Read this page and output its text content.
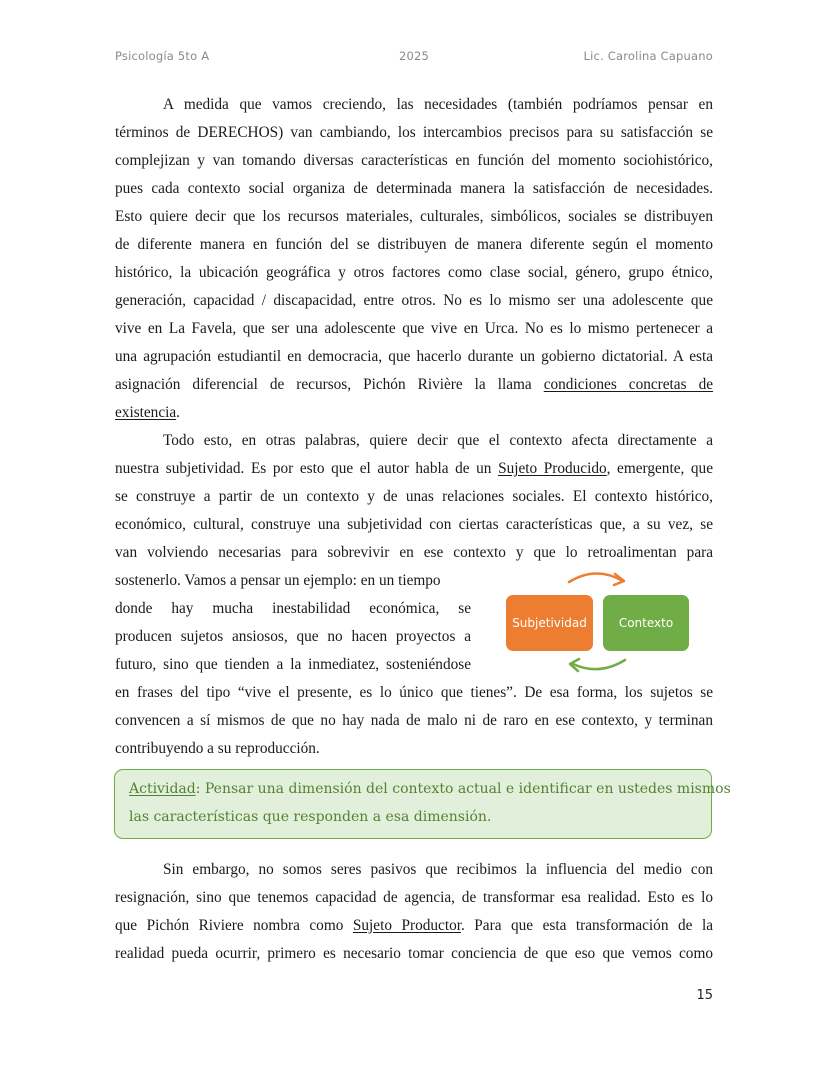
Psicología 5to A	2025	Lic. Carolina Capuano
A medida que vamos creciendo, las necesidades (también podríamos pensar en
términos de DERECHOS) van cambiando, los intercambios precisos para su satisfacción se
complejizan y van tomando diversas características en función del momento sociohistórico,
pues cada contexto social organiza de determinada manera la satisfacción de necesidades.
Esto quiere decir que los recursos materiales, culturales, simbólicos, sociales se distribuyen
de diferente manera en función del se distribuyen de manera diferente según el momento
histórico, la ubicación geográfica y otros factores como clase social, género, grupo étnico,
generación, capacidad / discapacidad, entre otros. No es lo mismo ser una adolescente que
vive en La Favela, que ser una adolescente que vive en Urca. No es lo mismo pertenecer a
una agrupación estudiantil en democracia, que hacerlo durante un gobierno dictatorial. A esta
asignación diferencial de recursos, Pichón Rivière la llama condiciones concretas de
existencia.
Todo esto, en otras palabras, quiere decir que el contexto afecta directamente a
nuestra subjetividad. Es por esto que el autor habla de un Sujeto Producido, emergente, que
se construye a partir de un contexto y de unas relaciones sociales. El contexto histórico,
económico, cultural, construye una subjetividad con ciertas características que, a su vez, se
van volviendo necesarias para sobrevivir en ese contexto y que lo retroalimentan para
sostenerlo. Vamos a pensar un ejemplo: en un tiempo
donde hay mucha inestabilidad económica, se
producen sujetos ansiosos, que no hacen proyectos a
futuro, sino que tienden a la inmediatez, sosteniéndose
en frases del tipo “vive el presente, es lo único que tienes”. De esa forma, los sujetos se
convencen a sí mismos de que no hay nada de malo ni de raro en ese contexto, y terminan
contribuyendo a su reproducción.
Subjetividad	Contexto
Actividad: Pensar una dimensión del contexto actual e identificar en ustedes mismos
las características que responden a esa dimensión.
Sin embargo, no somos seres pasivos que recibimos la influencia del medio con
resignación, sino que tenemos capacidad de agencia, de transformar esa realidad. Esto es lo
que Pichón Riviere nombra como Sujeto Productor. Para que esta transformación de la
realidad pueda ocurrir, primero es necesario tomar conciencia de que eso que vemos como
15
